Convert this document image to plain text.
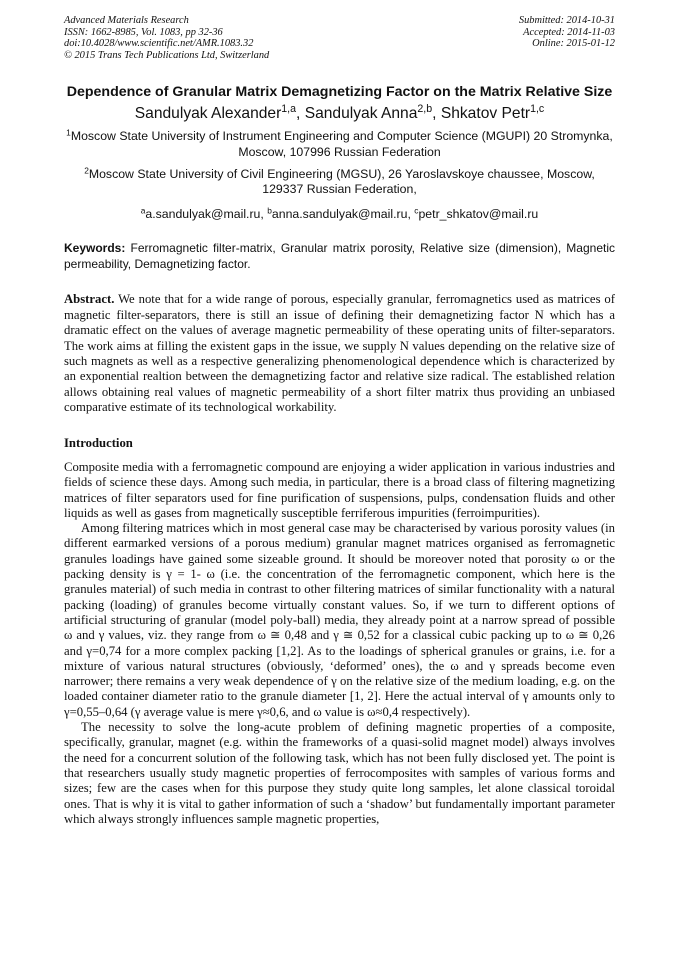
Advanced Materials Research
ISSN: 1662-8985, Vol. 1083, pp 32-36
doi:10.4028/www.scientific.net/AMR.1083.32
© 2015 Trans Tech Publications Ltd, Switzerland
Submitted: 2014-10-31
Accepted: 2014-11-03
Online: 2015-01-12
Dependence of Granular Matrix Demagnetizing Factor on the Matrix Relative Size
Sandulyak Alexander$^{1,a}$, Sandulyak Anna$^{2,b}$, Shkatov Petr$^{1,c}$
$^1$Moscow State University of Instrument Engineering and Computer Science (MGUPI) 20 Stromynka, Moscow, 107996 Russian Federation
$^2$Moscow State University of Civil Engineering (MGSU), 26 Yaroslavskoye chaussee, Moscow, 129337 Russian Federation,
$^a$a.sandulyak@mail.ru, $^b$anna.sandulyak@mail.ru, $^c$petr_shkatov@mail.ru
Keywords: Ferromagnetic filter-matrix, Granular matrix porosity, Relative size (dimension), Magnetic permeability, Demagnetizing factor.

Abstract. We note that for a wide range of porous, especially granular, ferromagnetics used as matrices of magnetic filter-separators, there is still an issue of defining their demagnetizing factor N which has a dramatic effect on the values of average magnetic permeability of these operating units of filter-separators. The work aims at filling the existent gaps in the issue, we supply N values depending on the relative size of such magnets as well as a respective generalizing phenomenological dependence which is characterized by an exponential realtion between the demagnetizing factor and relative size radical. The established relation allows obtaining real values of magnetic permeability of a short filter matrix thus providing an unbiased comparative estimate of its technological workability.

Introduction

Composite media with a ferromagnetic compound are enjoying a wider application in various industries and fields of science these days. Among such media, in particular, there is a broad class of filtering magnetizing matrices of filter separators used for fine purification of suspensions, pulps, condensation fluids and other liquids as well as gases from magnetically susceptible ferriferous impurities (ferroimpurities).

Among filtering matrices which in most general case may be characterised by various porosity values (in different earmarked versions of a porous medium) granular magnet matrices organised as ferromagnetic granules loadings have gained some sizeable ground. It should be moreover noted that porosity ω or the packing density is γ = 1- ω (i.e. the concentration of the ferromagnetic component, which here is the granules material) of such media in contrast to other filtering matrices of similar functionality with a natural packing (loading) of granules become virtually constant values. So, if we turn to different options of artificial structuring of granular (model poly-ball) media, they already point at a narrow spread of possible ω and γ values, viz. they range from ω ≅ 0,48 and γ ≅ 0,52 for a classical cubic packing up to ω ≅ 0,26 and γ=0,74 for a more complex packing [1,2]. As to the loadings of spherical granules or grains, i.e. for a mixture of various natural structures (obviously, ‘deformed’ ones), the ω and γ spreads become even narrower; there remains a very weak dependence of γ on the relative size of the medium loading, e.g. on the loaded container diameter ratio to the granule diameter [1, 2]. Here the actual interval of γ amounts only to γ=0,55–0,64 (γ average value is mere γ≈0,6, and ω value is ω≈0,4 respectively).

The necessity to solve the long-acute problem of defining magnetic properties of a composite, specifically, granular, magnet (e.g. within the frameworks of a quasi-solid magnet model) always involves the need for a concurrent solution of the following task, which has not been fully disclosed yet. The point is that researchers usually study magnetic properties of ferrocomposites with samples of various forms and sizes; few are the cases when for this purpose they study quite long samples, let alone classical toroidal ones. That is why it is vital to gather information of such a ‘shadow’ but fundamentally important parameter which always strongly influences sample magnetic properties,
